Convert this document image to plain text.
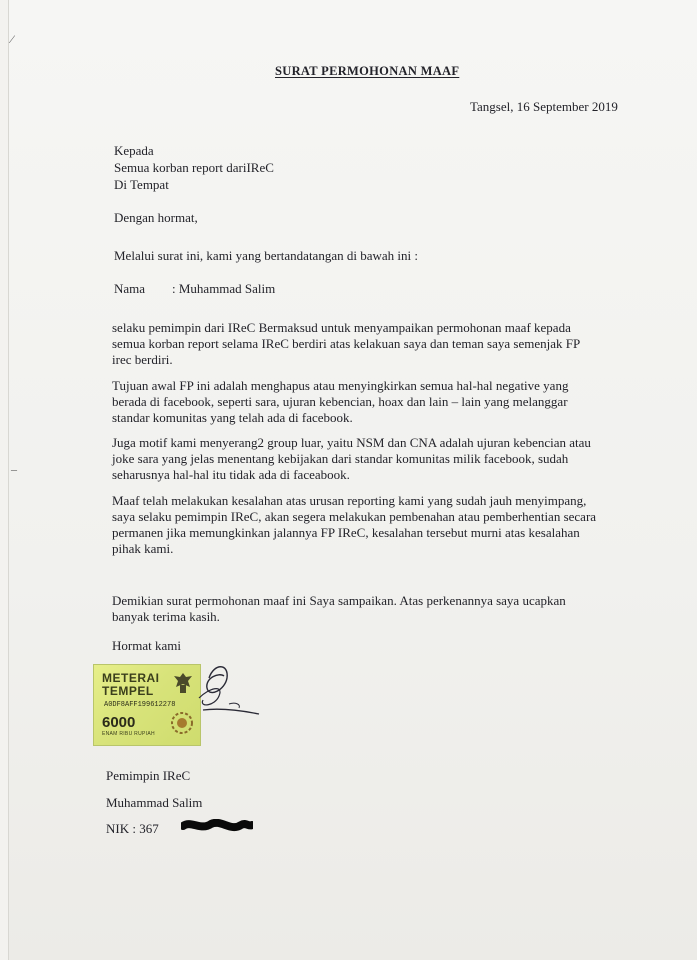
⁄
–
SURAT PERMOHONAN MAAF
Tangsel, 16 September 2019
Kepada
Semua korban report dariIReC
Di Tempat
Dengan hormat,
Melalui surat ini, kami yang bertandatangan di bawah ini :
Nama : Muhammad Salim
selaku pemimpin dari IReC Bermaksud untuk menyampaikan permohonan maaf kepada
semua korban report selama IReC berdiri atas kelakuan saya dan teman saya semenjak FP
irec berdiri.
Tujuan awal FP ini adalah menghapus atau menyingkirkan semua hal-hal negative yang
berada di facebook, seperti sara, ujuran kebencian, hoax dan lain – lain yang melanggar
standar komunitas yang telah ada di facebook.
Juga motif kami menyerang2 group luar, yaitu NSM dan CNA adalah ujuran kebencian atau
joke sara yang jelas menentang kebijakan dari standar komunitas milik facebook, sudah
seharusnya hal-hal itu tidak ada di faceabook.
Maaf telah melakukan kesalahan atas urusan reporting kami yang sudah jauh menyimpang,
saya selaku pemimpin IReC, akan segera melakukan pembenahan atau pemberhentian secara
permanen jika memungkinkan jalannya FP IReC, kesalahan tersebut murni atas kesalahan
pihak kami.
Demikian surat permohonan maaf ini Saya sampaikan. Atas perkenannya saya ucapkan
banyak terima kasih.
Hormat kami
METERAI
TEMPEL
A0DF8AFF199612278
6000
ENAM RIBU RUPIAH
Pemimpin IReC
Muhammad Salim
NIK : 367
